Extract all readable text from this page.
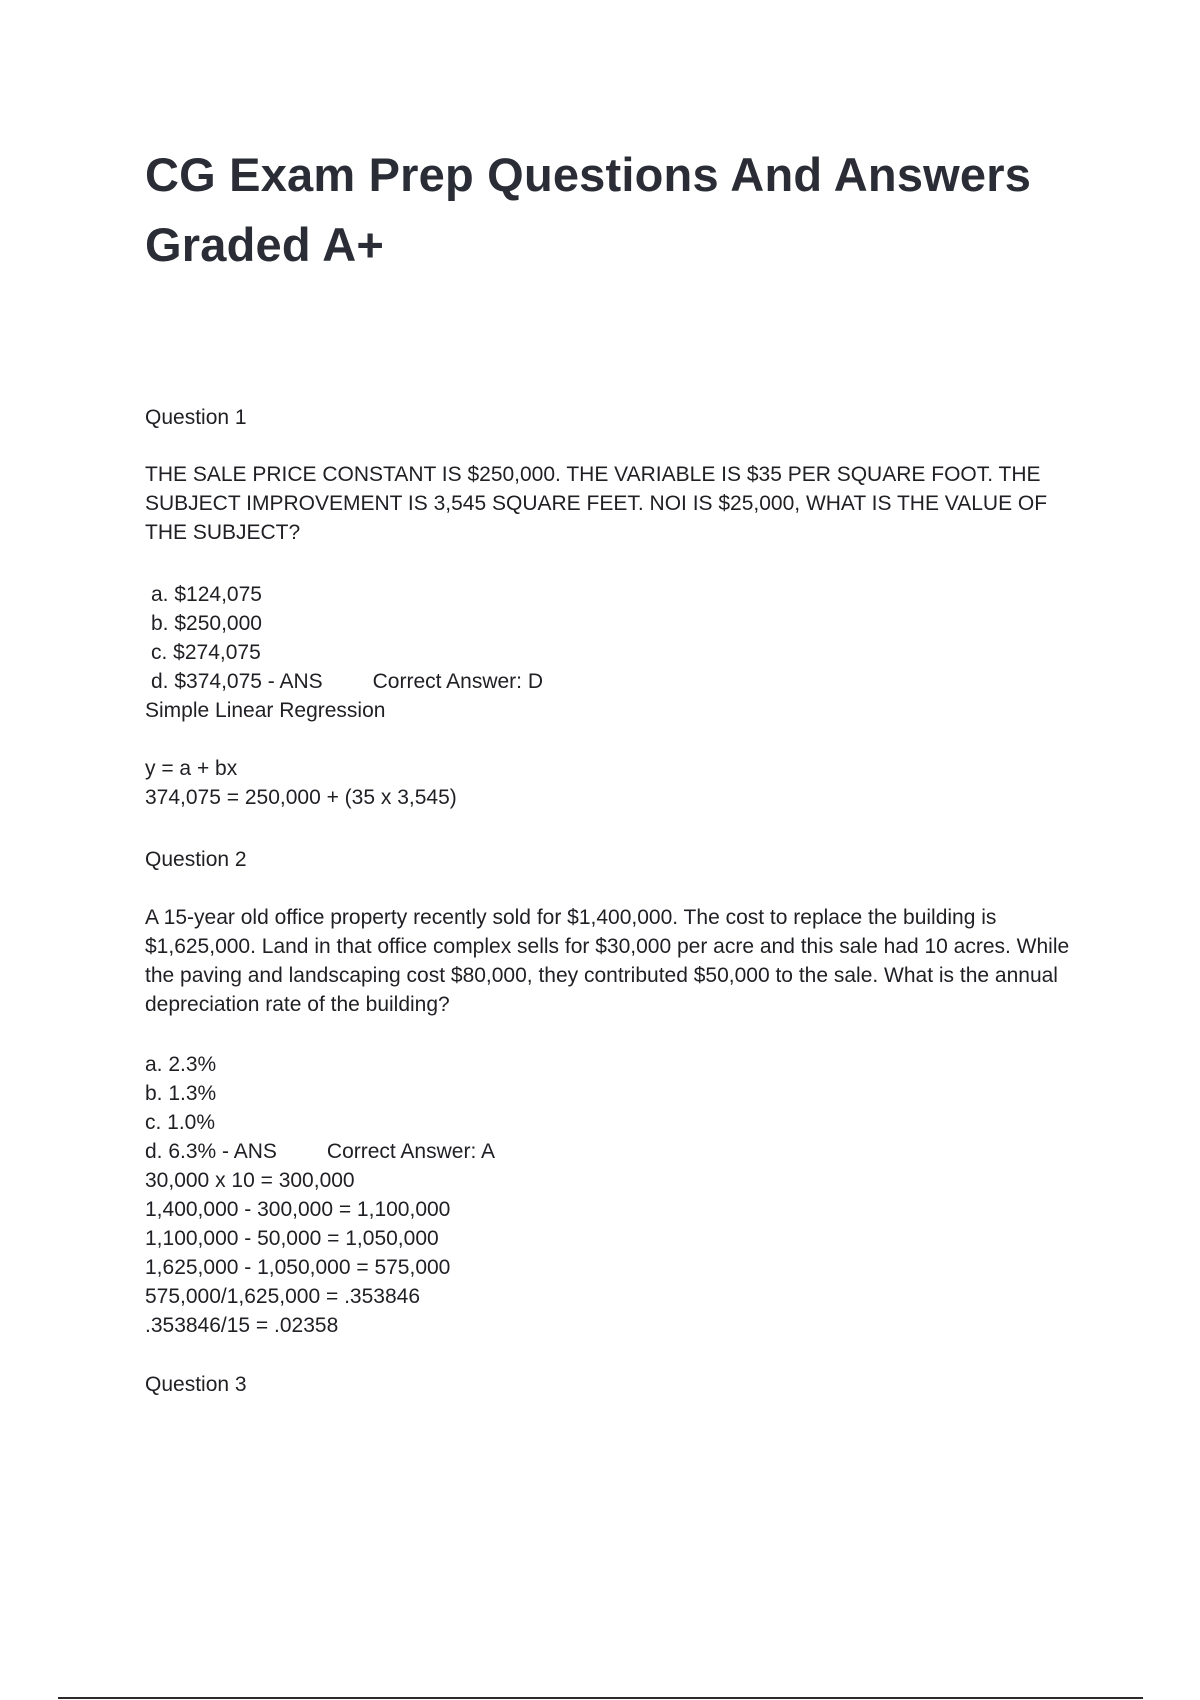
CG Exam Prep Questions And Answers Graded A+

Question 1

THE SALE PRICE CONSTANT IS $250,000. THE VARIABLE IS $35 PER SQUARE FOOT. THE SUBJECT IMPROVEMENT IS 3,545 SQUARE FEET. NOI IS $25,000, WHAT IS THE VALUE OF THE SUBJECT?

a. $124,075

b. $250,000

c. $274,075

d. $374,075 - ANS Correct Answer: D

Simple Linear Regression

y = a + bx

374,075 = 250,000 + (35 x 3,545)

Question 2

A 15-year old office property recently sold for $1,400,000. The cost to replace the building is $1,625,000. Land in that office complex sells for $30,000 per acre and this sale had 10 acres. While the paving and landscaping cost $80,000, they contributed $50,000 to the sale. What is the annual depreciation rate of the building?

a. 2.3%

b. 1.3%

c. 1.0%

d. 6.3% - ANS Correct Answer: A

30,000 x 10 = 300,000

1,400,000 - 300,000 = 1,100,000

1,100,000 - 50,000 = 1,050,000

1,625,000 - 1,050,000 = 575,000

575,000/1,625,000 = .353846

.353846/15 = .02358

Question 3
